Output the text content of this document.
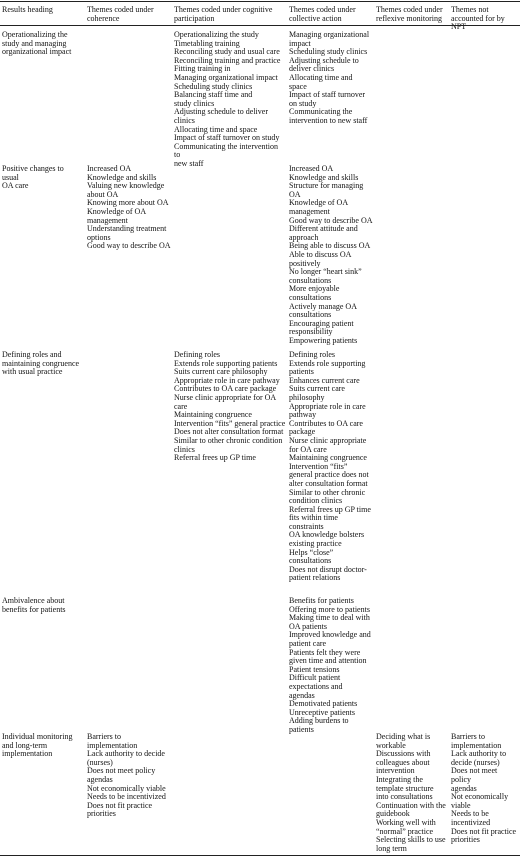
Results heading	Themes coded under
coherence
Themes coded under cognitive
participation
Themes coded under
collective action
Themes coded under
reflexive monitoring
Themes not
accounted for by NPT
Operationalizing the
study and managing
organizational impact
Operationalizing the study
Timetabling training
Reconciling study and usual care
Reconciling training and practice
Fitting training in
Managing organizational impact
Scheduling study clinics
Balancing staff time and
study clinics
Adjusting schedule to deliver
clinics
Allocating time and space
Impact of staff turnover on study
Communicating the intervention to
new staff
Managing organizational
impact
Scheduling study clinics
Adjusting schedule to
deliver clinics
Allocating time and
space
Impact of staff turnover
on study
Communicating the
intervention to new staff
Positive changes to usual
OA care
Increased OA
Knowledge and skills
Valuing new knowledge
about OA
Knowing more about OA
Knowledge of OA
management
Understanding treatment
options
Good way to describe OA
Increased OA
Knowledge and skills
Structure for managing
OA
Knowledge of OA
management
Good way to describe OA
Different attitude and
approach
Being able to discuss OA
Able to discuss OA
positively
No longer “heart sink”
consultations
More enjoyable
consultations
Actively manage OA
consultations
Encouraging patient
responsibility
Empowering patients
Defining roles and
maintaining congruence
with usual practice
Defining roles
Extends role supporting patients
Suits current care philosophy
Appropriate role in care pathway
Contributes to OA care package
Nurse clinic appropriate for OA
care
Maintaining congruence
Intervention “fits” general practice
Does not alter consultation format
Similar to other chronic condition
clinics
Referral frees up GP time
Defining roles
Extends role supporting
patients
Enhances current care
Suits current care
philosophy
Appropriate role in care
pathway
Contributes to OA care
package
Nurse clinic appropriate
for OA care
Maintaining congruence
Intervention “fits”
general practice does not
alter consultation format
Similar to other chronic
condition clinics
Referral frees up GP time
fits within time
constraints
OA knowledge bolsters
existing practice
Helps “close”
consultations
Does not disrupt doctor-
patient relations
Ambivalence about
benefits for patients
Benefits for patients
Offering more to patients
Making time to deal with
OA patients
Improved knowledge and
patient care
Patients felt they were
given time and attention
Patient tensions
Difficult patient
expectations and
agendas
Demotivated patients
Unreceptive patients
Adding burdens to
patients
Individual monitoring
and long-term
implementation
Barriers to
implementation
Lack authority to decide
(nurses)
Does not meet policy
agendas
Not economically viable
Needs to be incentivized
Does not fit practice
priorities
Deciding what is
workable
Discussions with
colleagues about
intervention
Integrating the
template structure
into consultations
Continuation with the
guidebook
Working well with
“normal” practice
Selecting skills to use
long term
Barriers to
implementation
Lack authority to
decide (nurses)
Does not meet policy
agendas
Not economically
viable
Needs to be
incentivized
Does not fit practice
priorities
